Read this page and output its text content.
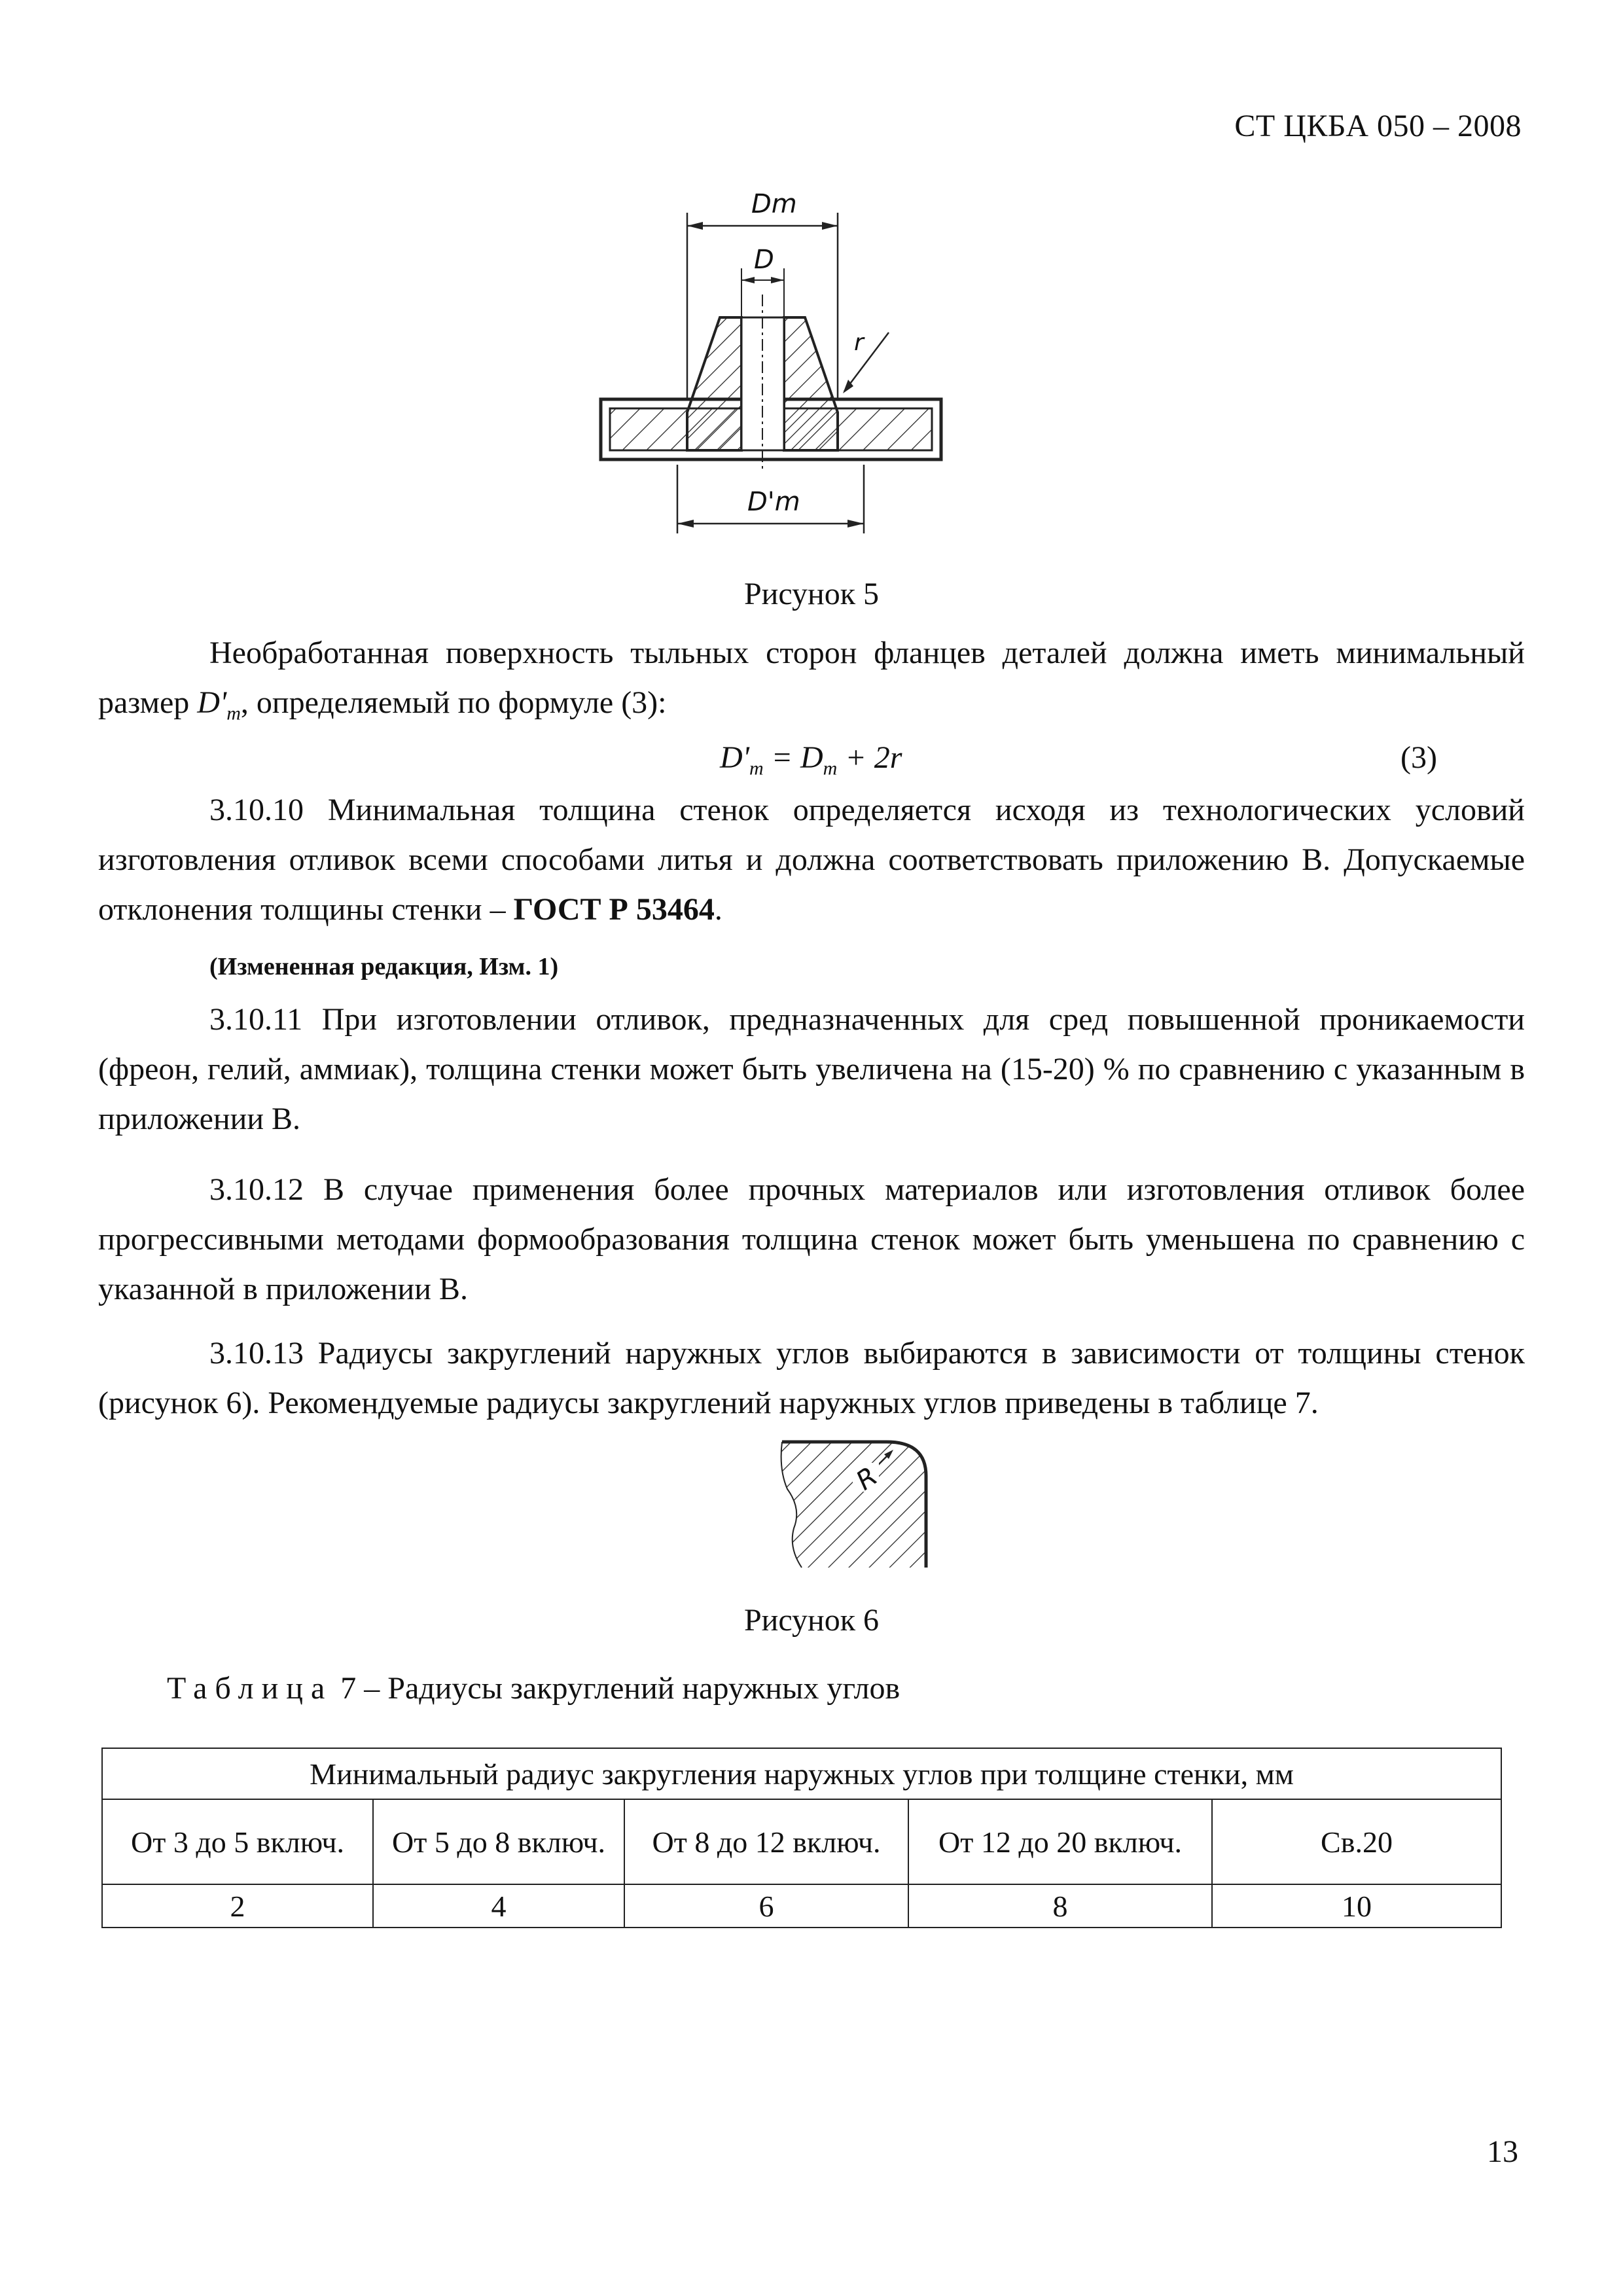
СТ ЦКБА 050 – 2008
Dm
D
D'm
r
Рисунок 5
Необработанная поверхность тыльных сторон фланцев деталей должна иметь минимальный размер $D'_m$, определяемый по формуле (3):
$D'_m = D_m + 2r$	(3)
3.10.10 Минимальная толщина стенок определяется исходя из технологических условий изготовления отливок всеми способами литья и должна соответствовать приложению В. Допускаемые отклонения толщины стенки – ГОСТ Р 53464.
(Измененная редакция, Изм. 1)
3.10.11 При изготовлении отливок, предназначенных для сред повышенной проникаемости (фреон, гелий, аммиак), толщина стенки может быть увеличена на (15-20) % по сравнению с указанным в приложении В.
3.10.12 В случае применения более прочных материалов или изготовления отливок более прогрессивными методами формообразования толщина стенок может быть уменьшена по сравнению с указанной в приложении В.
3.10.13 Радиусы закруглений наружных углов выбираются в зависимости от толщины стенок (рисунок 6). Рекомендуемые радиусы закруглений наружных углов приведены в таблице 7.
R
Рисунок 6
Таблица 7 – Радиусы закруглений наружных углов
Минимальный радиус закругления наружных углов при толщине стенки, мм				
От 3 до 5 включ.	От 5 до 8 включ.	От 8 до 12 включ.	От 12 до 20 включ.	Св.20
2	4	6	8	10
13
